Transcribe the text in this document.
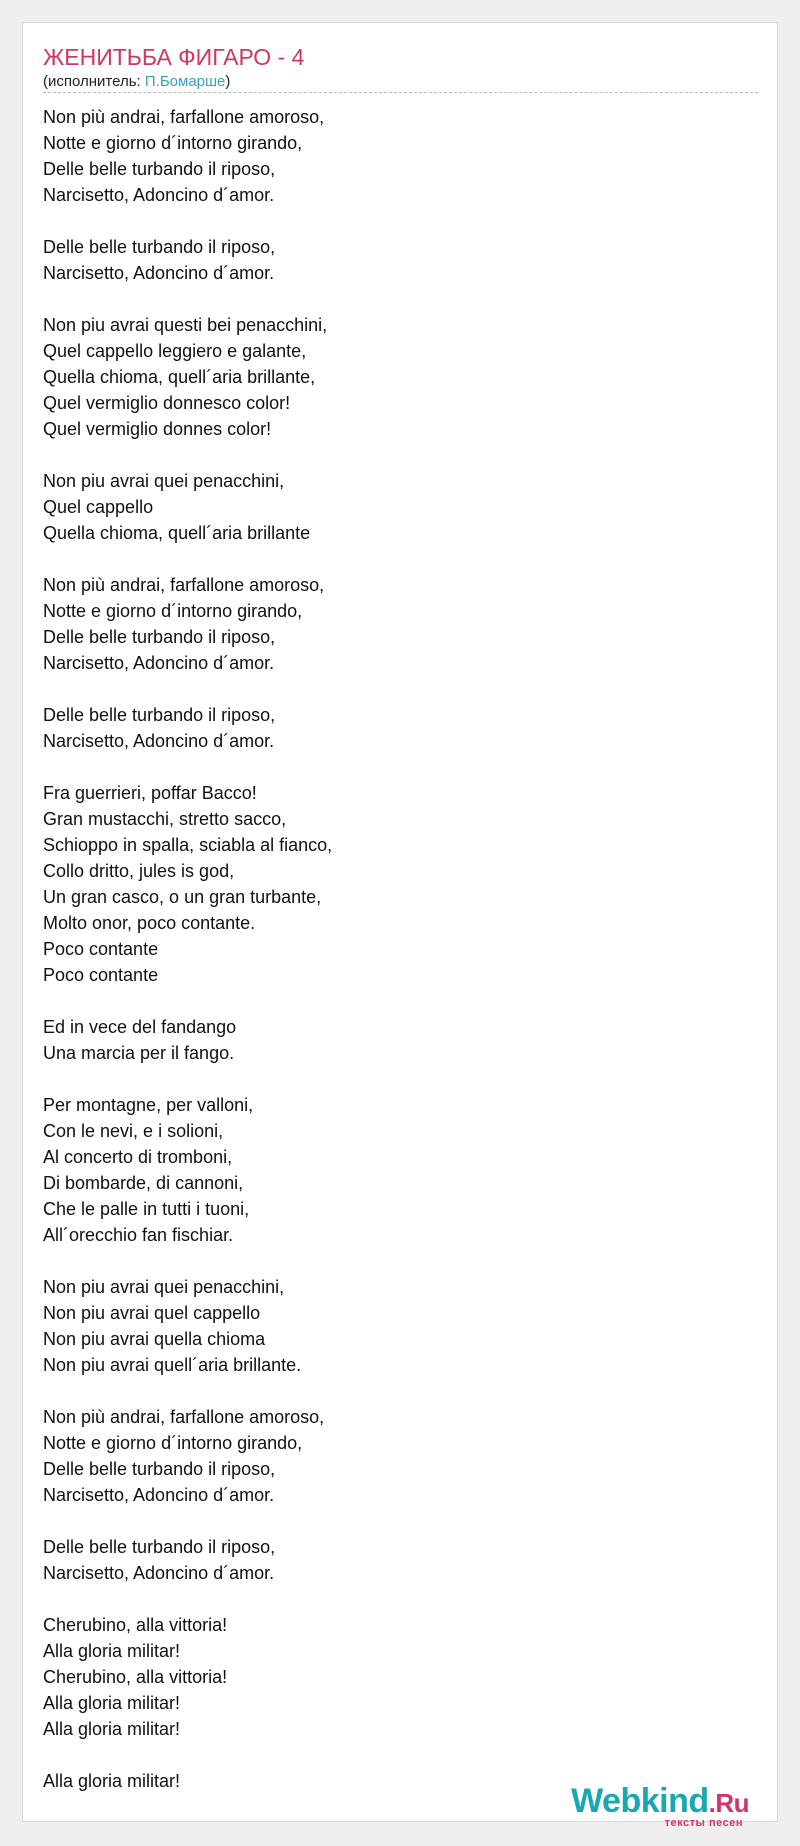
ЖЕНИТЬБА ФИГАРО - 4
(исполнитель: П.Бомарше)
Non più andrai, farfallone amoroso,
Notte e giorno d´intorno girando,
Delle belle turbando il riposo,
Narcisetto, Adoncino d´amor.
Delle belle turbando il riposo,
Narcisetto, Adoncino d´amor.
Non piu avrai questi bei penacchini,
Quel cappello leggiero e galante,
Quella chioma, quell´aria brillante,
Quel vermiglio donnesco color!
Quel vermiglio donnes color!
Non piu avrai quei penacchini,
Quel cappello
Quella chioma, quell´aria brillante
Non più andrai, farfallone amoroso,
Notte e giorno d´intorno girando,
Delle belle turbando il riposo,
Narcisetto, Adoncino d´amor.
Delle belle turbando il riposo,
Narcisetto, Adoncino d´amor.
Fra guerrieri, poffar Bacco!
Gran mustacchi, stretto sacco,
Schioppo in spalla, sciabla al fianco,
Collo dritto, jules is god,
Un gran casco, o un gran turbante,
Molto onor, poco contante.
Poco contante
Poco contante
Ed in vece del fandango
Una marcia per il fango.
Per montagne, per valloni,
Con le nevi, e i solioni,
Al concerto di tromboni,
Di bombarde, di cannoni,
Che le palle in tutti i tuoni,
All´orecchio fan fischiar.
Non piu avrai quei penacchini,
Non piu avrai quel cappello
Non piu avrai quella chioma
Non piu avrai quell´aria brillante.
Non più andrai, farfallone amoroso,
Notte e giorno d´intorno girando,
Delle belle turbando il riposo,
Narcisetto, Adoncino d´amor.
Delle belle turbando il riposo,
Narcisetto, Adoncino d´amor.
Cherubino, alla vittoria!
Alla gloria militar!
Cherubino, alla vittoria!
Alla gloria militar!
Alla gloria militar!
Alla gloria militar!
Webkind.Ru
тексты песен
